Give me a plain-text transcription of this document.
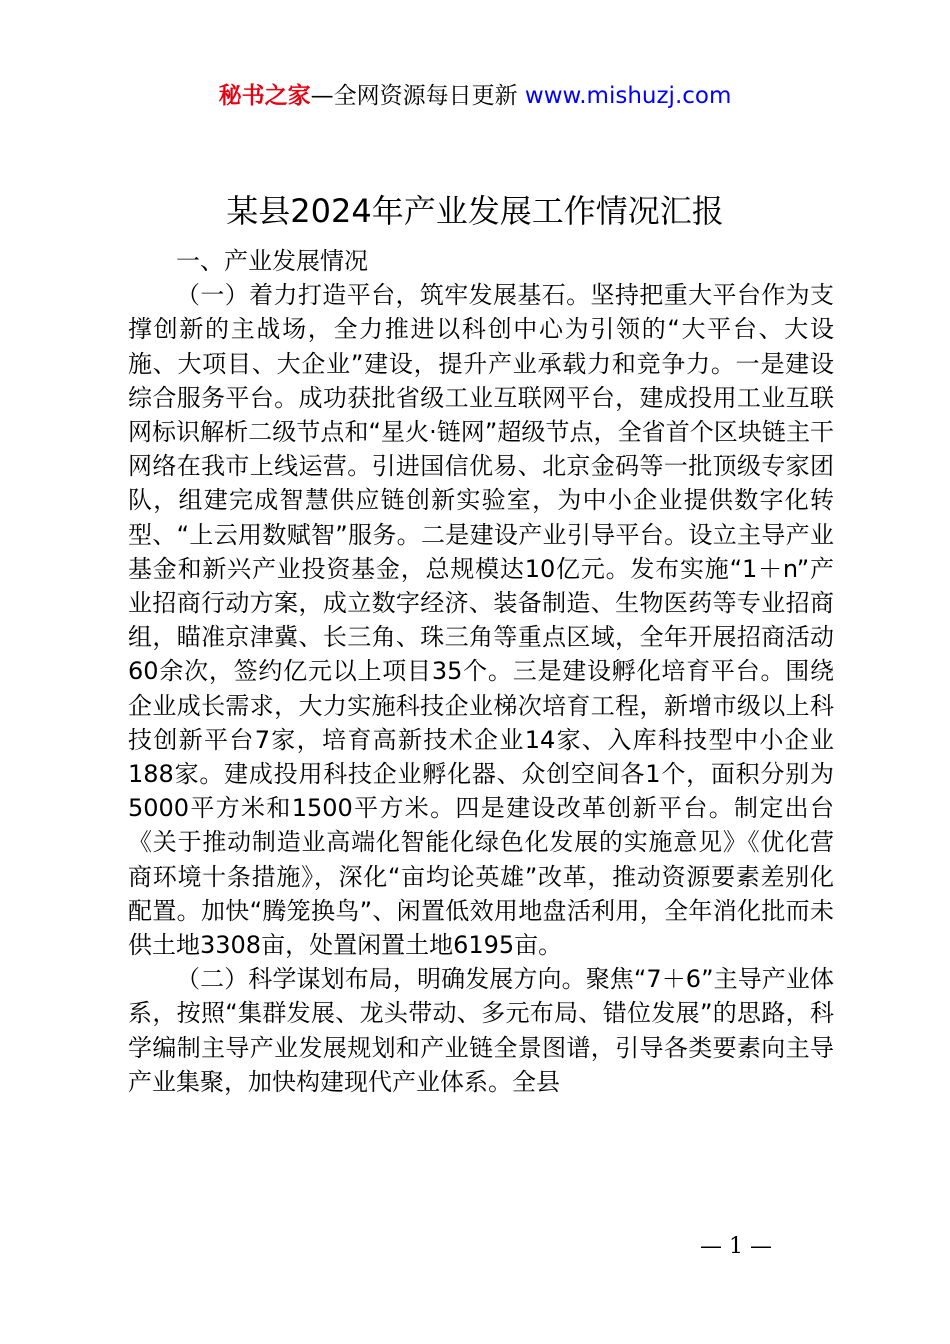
秘书之家—全网资源每日更新 www.mishuzj.com
某县2024年产业发展工作情况汇报

一、产业发展情况

（一）着力打造平台，筑牢发展基石。坚持把重大平台作为支撑创新的主战场，全力推进以科创中心为引领的“大平台、大设施、大项目、大企业”建设，提升产业承载力和竞争力。一是建设综合服务平台。成功获批省级工业互联网平台，建成投用工业互联网标识解析二级节点和“星火·链网”超级节点，全省首个区块链主干网络在我市上线运营。引进国信优易、北京金码等一批顶级专家团队，组建完成智慧供应链创新实验室，为中小企业提供数字化转型、“上云用数赋智”服务。二是建设产业引导平台。设立主导产业基金和新兴产业投资基金，总规模达10亿元。发布实施“1＋n”产业招商行动方案，成立数字经济、装备制造、生物医药等专业招商组，瞄准京津冀、长三角、珠三角等重点区域，全年开展招商活动60余次，签约亿元以上项目35个。三是建设孵化培育平台。围绕企业成长需求，大力实施科技企业梯次培育工程，新增市级以上科技创新平台7家，培育高新技术企业14家、入库科技型中小企业188家。建成投用科技企业孵化器、众创空间各1个，面积分别为5000平方米和1500平方米。四是建设改革创新平台。制定出台《关于推动制造业高端化智能化绿色化发展的实施意见》《优化营商环境十条措施》，深化“亩均论英雄”改革，推动资源要素差别化配置。加快“腾笼换鸟”、闲置低效用地盘活利用，全年消化批而未供土地3308亩，处置闲置土地6195亩。

（二）科学谋划布局，明确发展方向。聚焦“7＋6”主导产业体系，按照“集群发展、龙头带动、多元布局、错位发展”的思路，科学编制主导产业发展规划和产业链全景图谱，引导各类要素向主导产业集聚，加快构建现代产业体系。全县

— 1 —
